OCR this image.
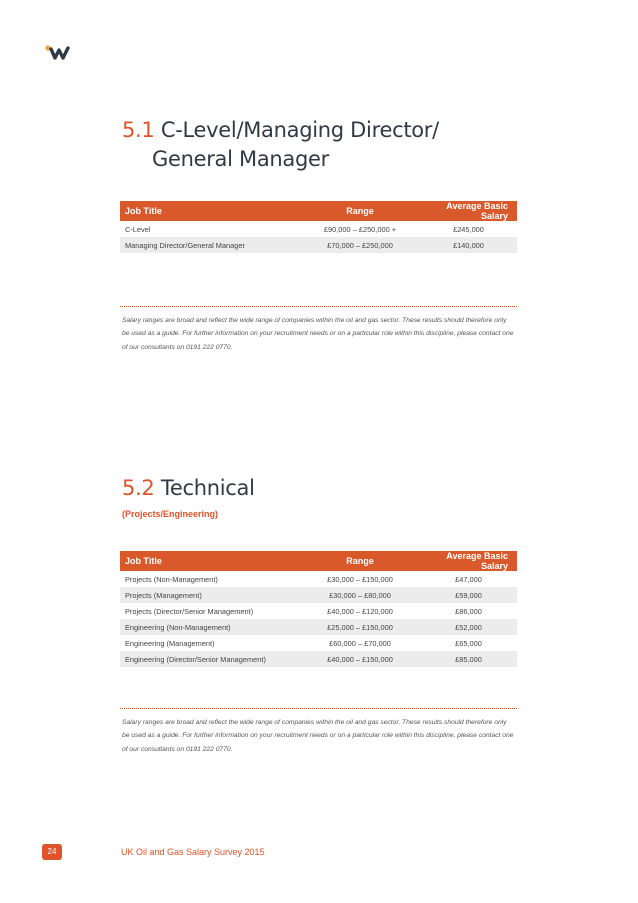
5.1 C-Level/Managing Director/
General Manager
Job Title	Range	Average Basic Salary
C-Level	£90,000 – £250,000 +	£245,000
Managing Director/General Manager	£70,000 – £250,000	£140,000

Salary ranges are broad and reflect the wide range of companies within the oil and gas sector. These results should therefore only be used as a guide. For further information on your recruitment needs or on a particular role within this discipline, please contact one of our consultants on 0191 222 0770.

5.2 Technical
(Projects/Engineering)
Job Title	Range	Average Basic Salary
Projects (Non-Management)	£30,000 – £150,000	£47,000
Projects (Management)	£30,000 – £80,000	£59,000
Projects (Director/Senior Management)	£40,000 – £120,000	£86,000
Engineering (Non-Management)	£25,000 – £150,000	£52,000
Engineering (Management)	£60,000 – £70,000	£65,000
Engineering (Director/Senior Management)	£40,000 – £150,000	£85,000

Salary ranges are broad and reflect the wide range of companies within the oil and gas sector. These results should therefore only be used as a guide. For further information on your recruitment needs or on a particular role within this discipline, please contact one of our consultants on 0191 222 0770.

24	UK Oil and Gas Salary Survey 2015
